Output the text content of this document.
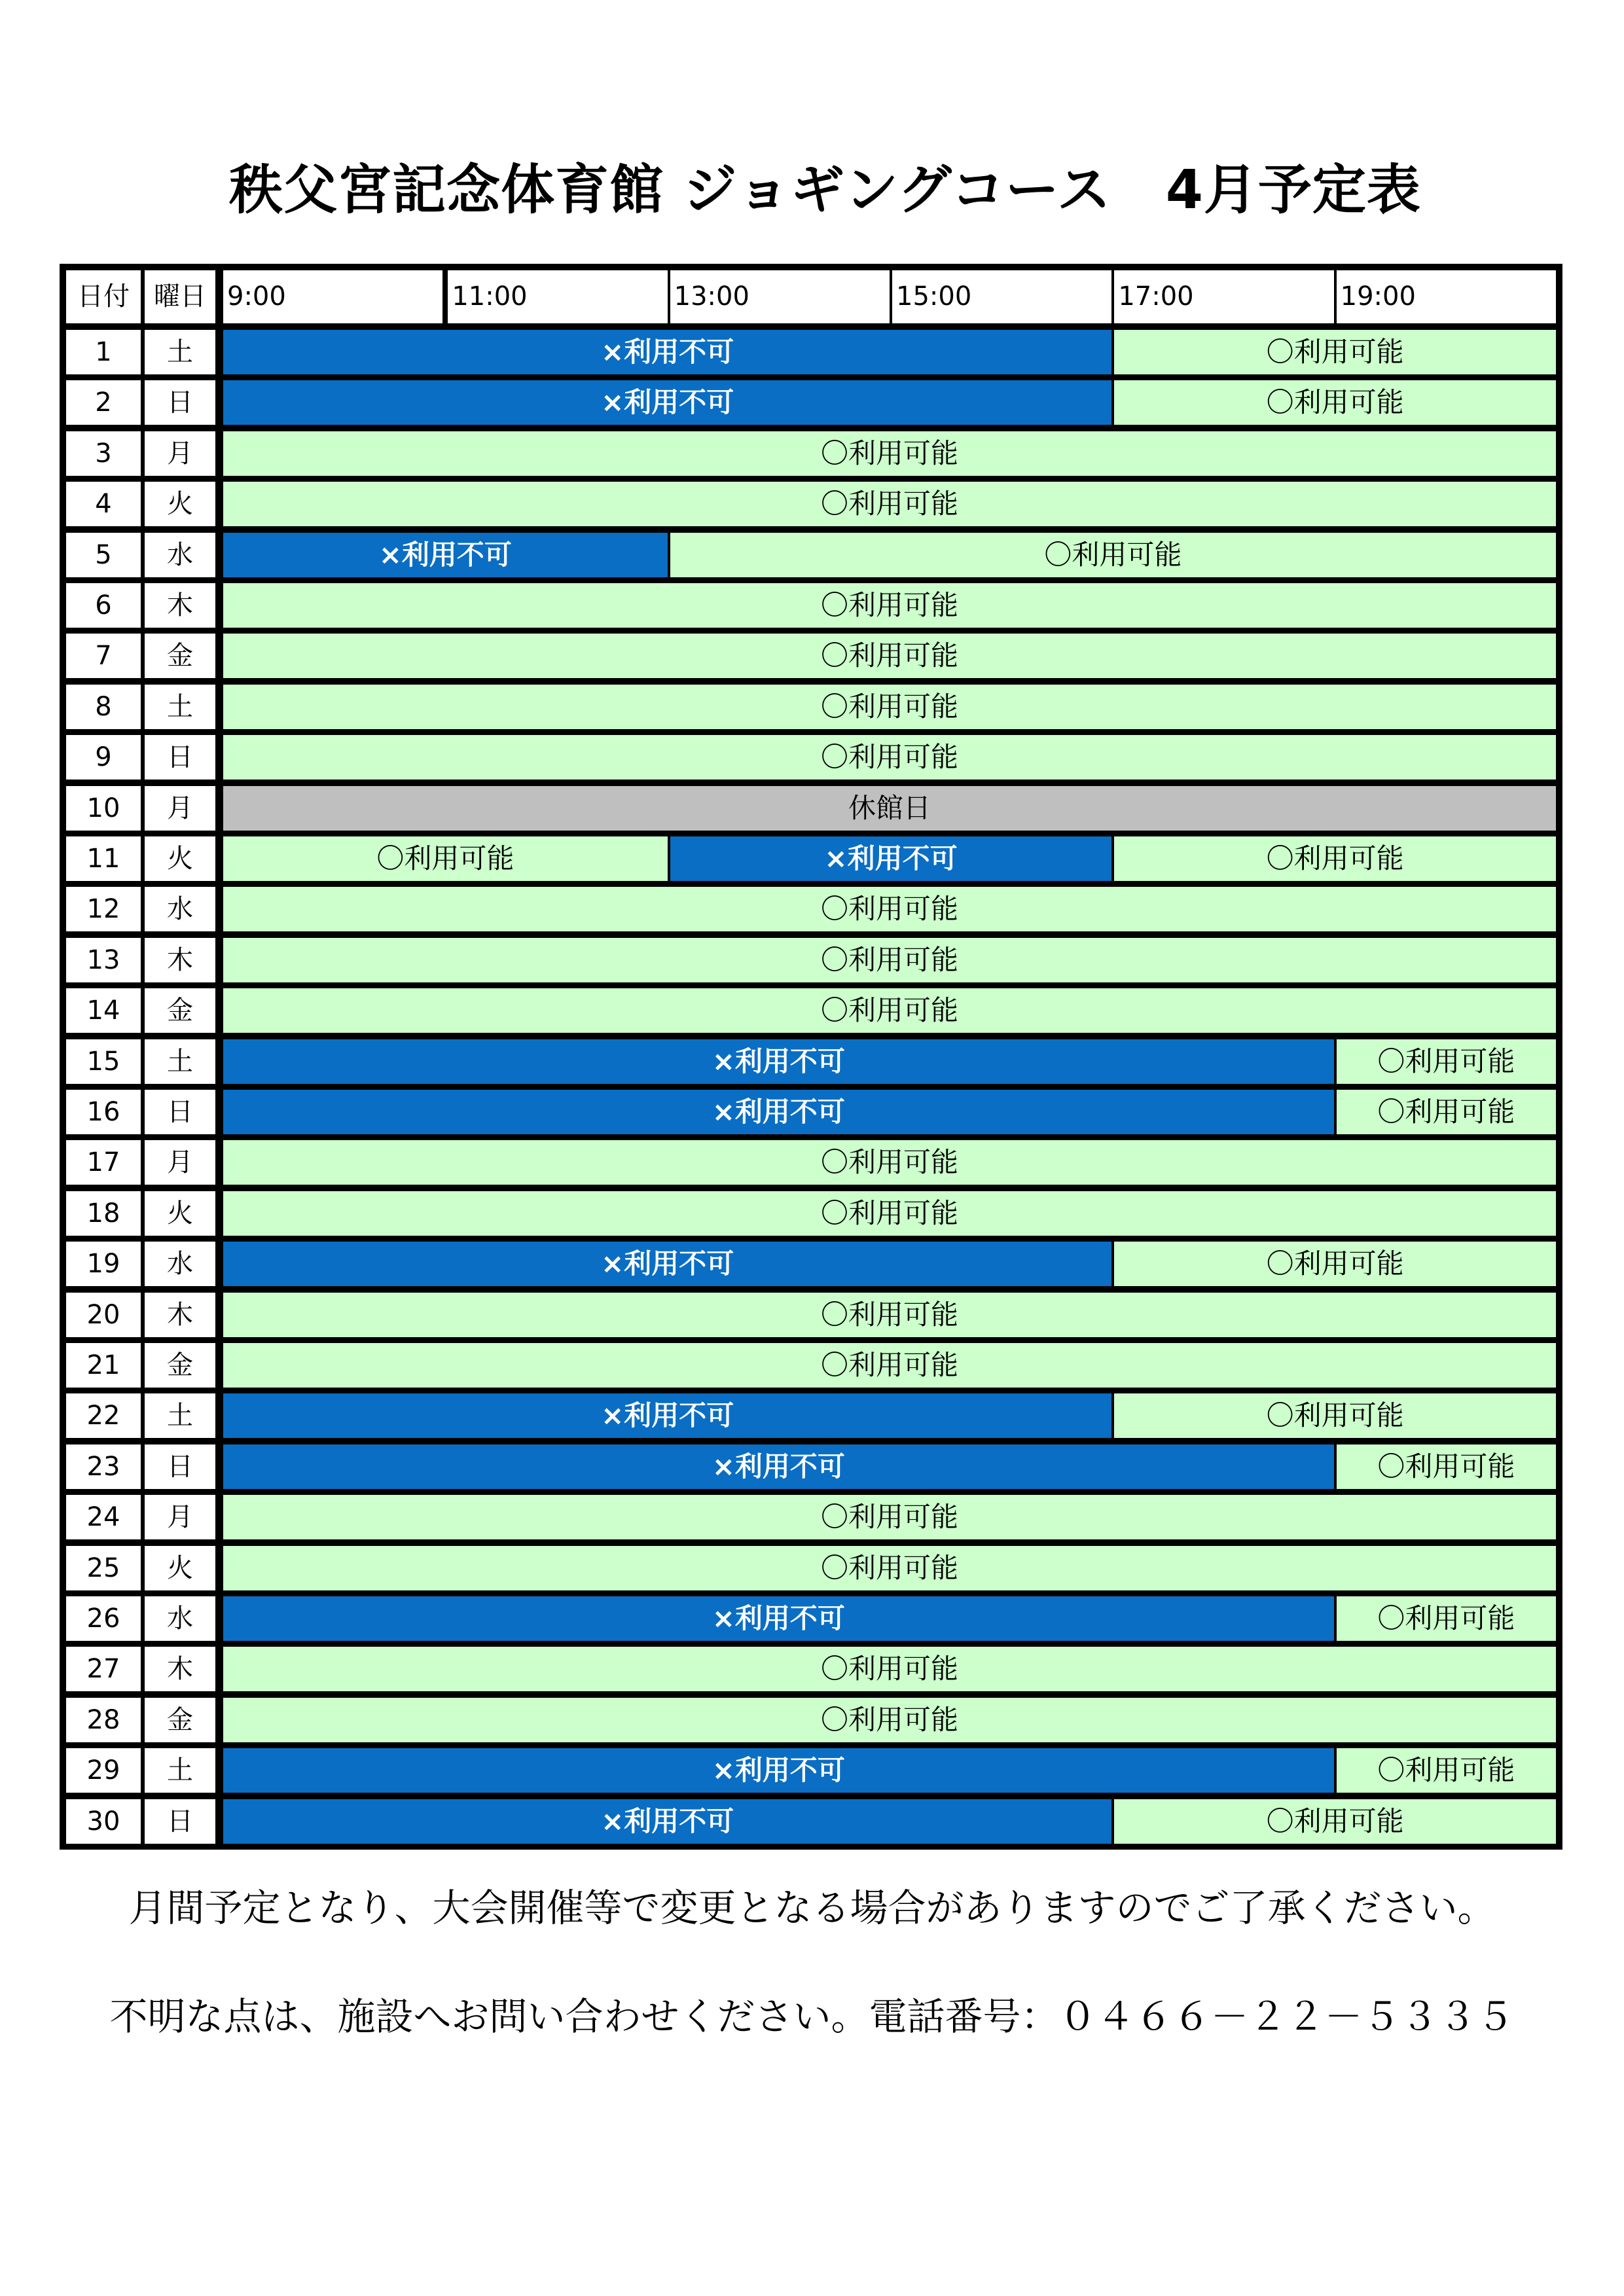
秩父宮記念体育館 ジョギングコース　4月予定表
日付 曜日 9:00	11:00	13:00	15:00	17:00	19:00
1	土	×利用不可	〇利用可能
2	日	×利用不可	〇利用可能
3	月	〇利用可能
4	火	〇利用可能
5	水	×利用不可	〇利用可能
6	木	〇利用可能
7	金	〇利用可能
8	土	〇利用可能
9	日	〇利用可能
10	月	休館日
11	火	〇利用可能	×利用不可	〇利用可能
12	水	〇利用可能
13	木	〇利用可能
14	金	〇利用可能
15	土	×利用不可	〇利用可能
16	日	×利用不可	〇利用可能
17	月	〇利用可能
18	火	〇利用可能
19	水	×利用不可	〇利用可能
20	木	〇利用可能
21	金	〇利用可能
22	土	×利用不可	〇利用可能
23	日	×利用不可	〇利用可能
24	月	〇利用可能
25	火	〇利用可能
26	水	×利用不可	〇利用可能
27	木	〇利用可能
28	金	〇利用可能
29	土	×利用不可	〇利用可能
30	日	×利用不可	〇利用可能
月間予定となり、大会開催等で変更となる場合がありますのでご了承ください。
不明な点は、施設へお問い合わせください。電話番号：０４６６－２２－５３３５
